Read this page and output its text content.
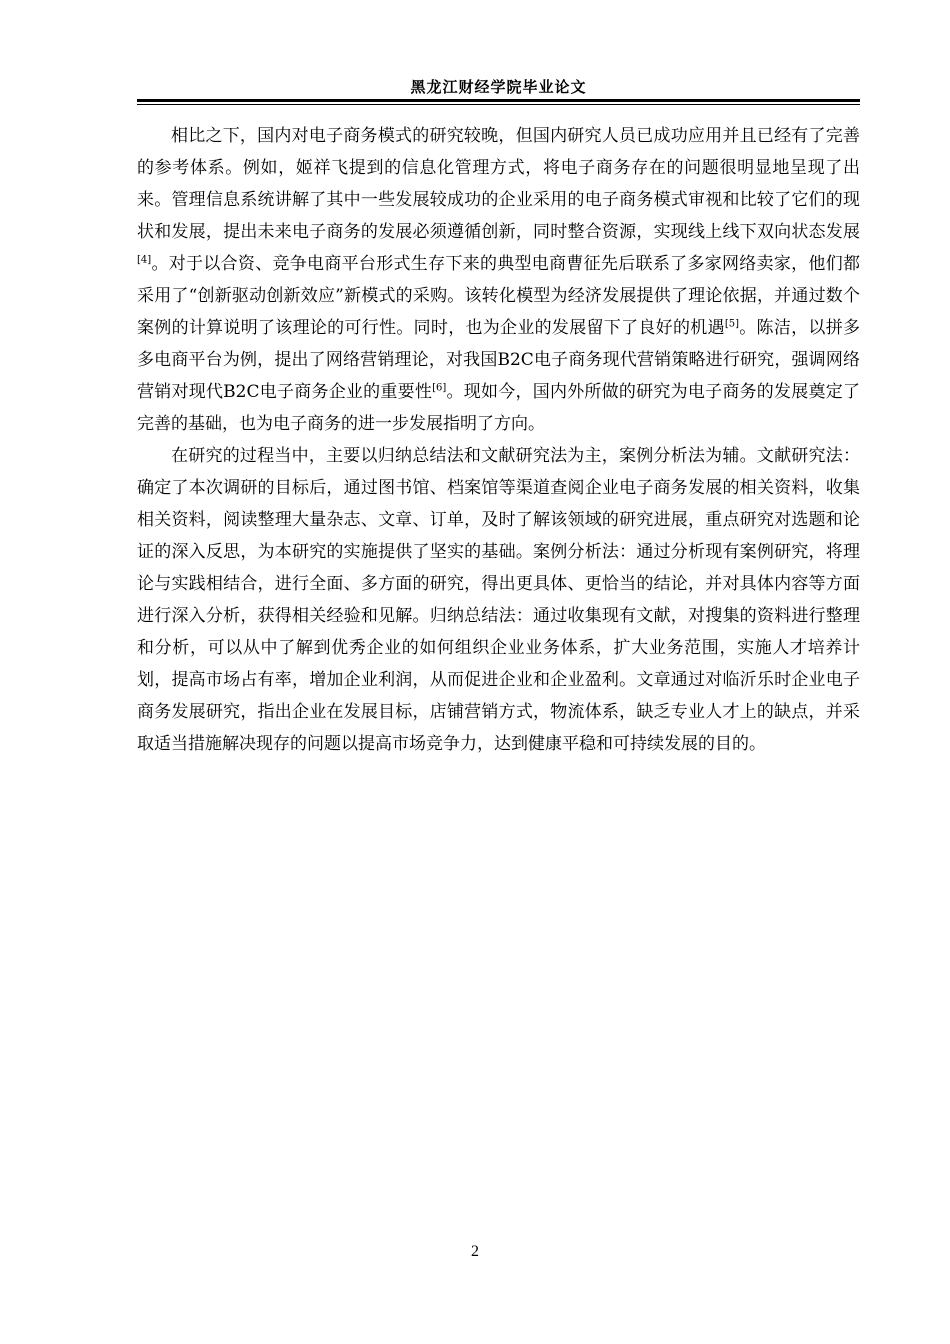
黑龙江财经学院毕业论文

相比之下，国内对电子商务模式的研究较晚，但国内研究人员已成功应用并且已经有了完善的参考体系。例如，姬祥飞提到的信息化管理方式，将电子商务存在的问题很明显地呈现了出来。管理信息系统讲解了其中一些发展较成功的企业采用的电子商务模式审视和比较了它们的现状和发展，提出未来电子商务的发展必须遵循创新，同时整合资源，实现线上线下双向状态发展[4]。对于以合资、竞争电商平台形式生存下来的典型电商曹征先后联系了多家网络卖家，他们都采用了“创新驱动创新效应”新模式的采购。该转化模型为经济发展提供了理论依据，并通过数个案例的计算说明了该理论的可行性。同时，也为企业的发展留下了良好的机遇[5]。陈洁，以拼多多电商平台为例，提出了网络营销理论，对我国B2C电子商务现代营销策略进行研究，强调网络营销对现代B2C电子商务企业的重要性[6]。现如今，国内外所做的研究为电子商务的发展奠定了完善的基础，也为电子商务的进一步发展指明了方向。

在研究的过程当中，主要以归纳总结法和文献研究法为主，案例分析法为辅。文献研究法：确定了本次调研的目标后，通过图书馆、档案馆等渠道查阅企业电子商务发展的相关资料，收集相关资料，阅读整理大量杂志、文章、订单，及时了解该领域的研究进展，重点研究对选题和论证的深入反思，为本研究的实施提供了坚实的基础。案例分析法：通过分析现有案例研究，将理论与实践相结合，进行全面、多方面的研究，得出更具体、更恰当的结论，并对具体内容等方面进行深入分析，获得相关经验和见解。归纳总结法：通过收集现有文献，对搜集的资料进行整理和分析，可以从中了解到优秀企业的如何组织企业业务体系，扩大业务范围，实施人才培养计划，提高市场占有率，增加企业利润，从而促进企业和企业盈利。文章通过对临沂乐时企业电子商务发展研究，指出企业在发展目标，店铺营销方式，物流体系，缺乏专业人才上的缺点，并采取适当措施解决现存的问题以提高市场竞争力，达到健康平稳和可持续发展的目的。

2
